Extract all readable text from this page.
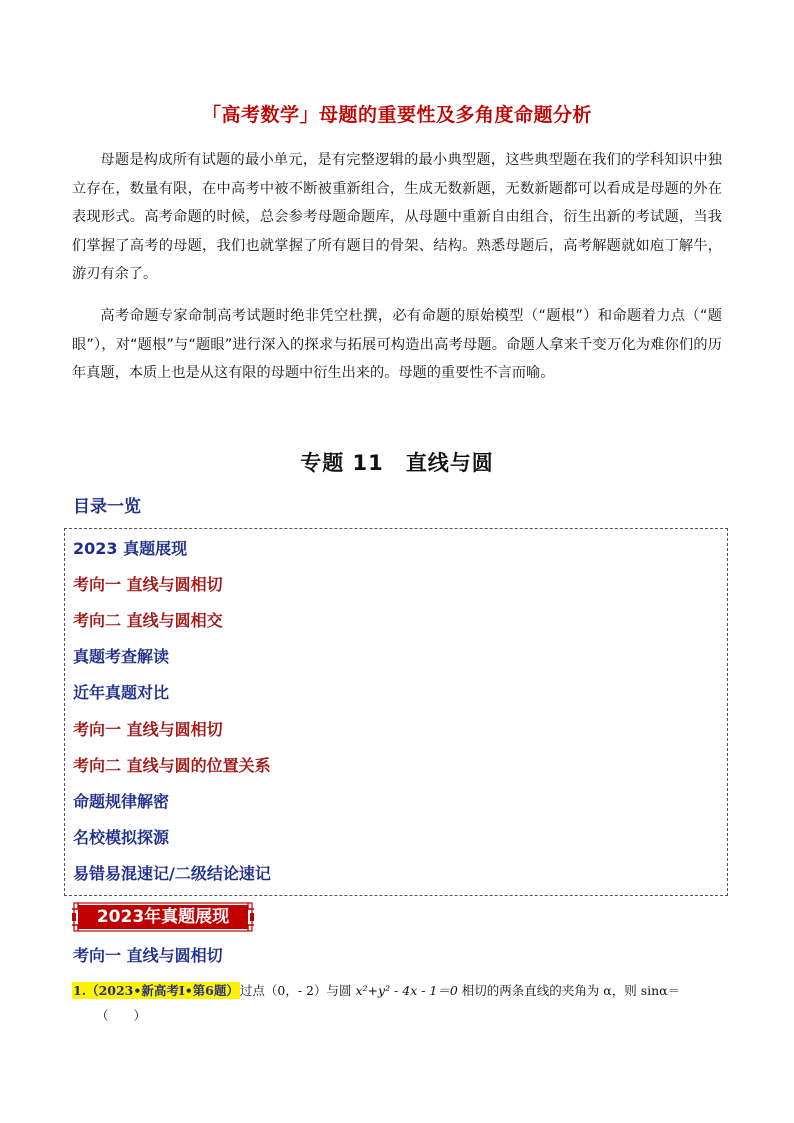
「高考数学」母题的重要性及多角度命题分析
母题是构成所有试题的最小单元，是有完整逻辑的最小典型题，这些典型题在我们的学科知识中独立存在，数量有限，在中高考中被不断被重新组合，生成无数新题，无数新题都可以看成是母题的外在表现形式。高考命题的时候，总会参考母题命题库，从母题中重新自由组合，衍生出新的考试题，当我们掌握了高考的母题，我们也就掌握了所有题目的骨架、结构。熟悉母题后，高考解题就如庖丁解牛，游刃有余了。
高考命题专家命制高考试题时绝非凭空杜撰，必有命题的原始模型（“题根”）和命题着力点（“题眼”），对“题根”与“题眼”进行深入的探求与拓展可构造出高考母题。命题人拿来千变万化为难你们的历年真题，本质上也是从这有限的母题中衍生出来的。母题的重要性不言而喻。
专题 11　直线与圆
目录一览
2023 真题展现
考向一 直线与圆相切
考向二 直线与圆相交
真题考查解读
近年真题对比
考向一 直线与圆相切
考向二 直线与圆的位置关系
命题规律解密
名校模拟探源
易错易混速记/二级结论速记
2023年真题展现
考向一 直线与圆相切
1.（2023•新高考Ⅰ•第6题）过点（0，- 2）与圆 x²+y² - 4x - 1＝0 相切的两条直线的夹角为 α，则 sinα＝
（　　）
